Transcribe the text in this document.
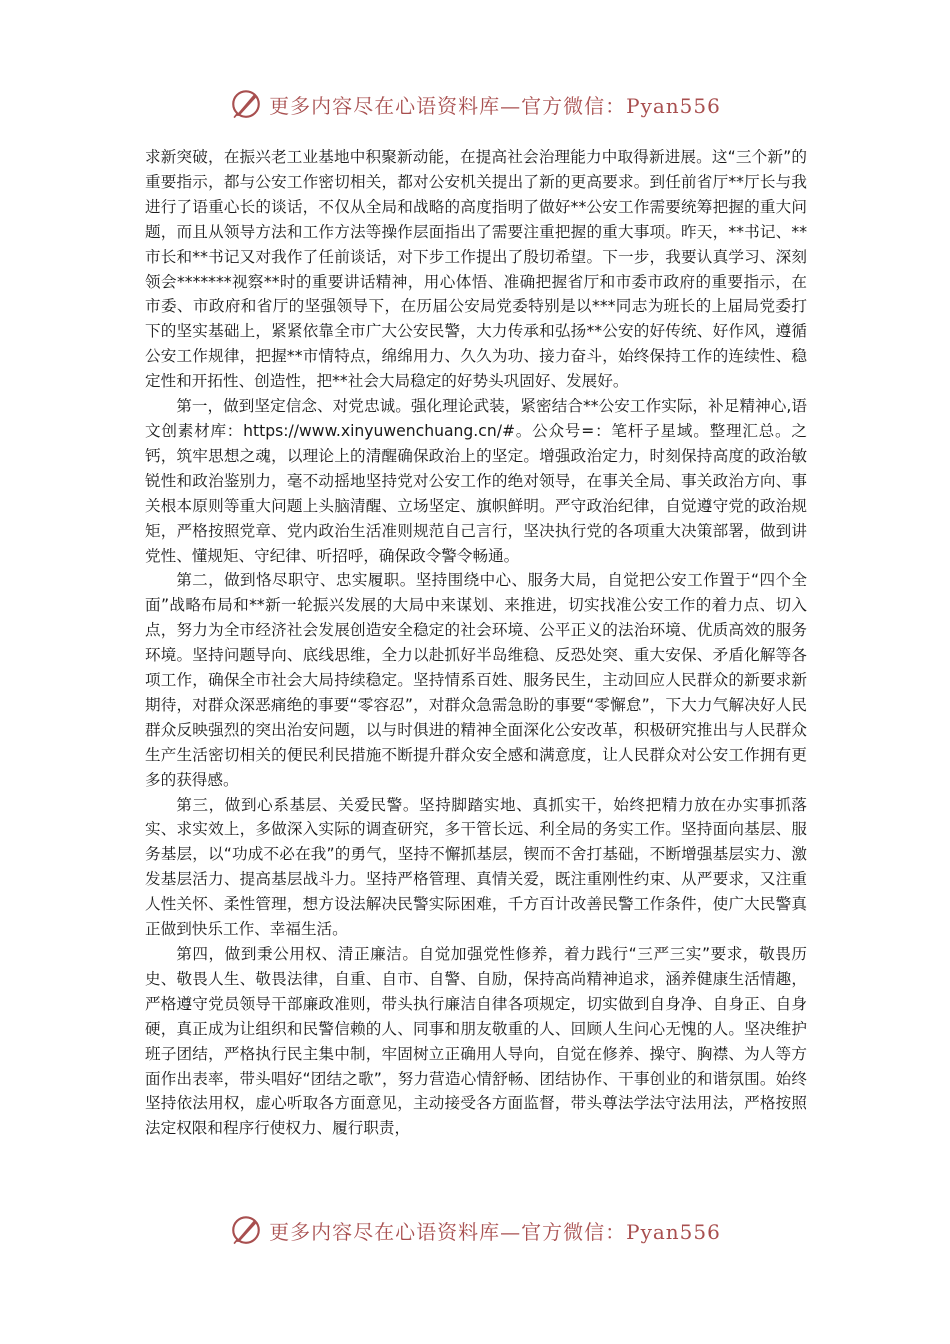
更多内容尽在心语资料库—官方微信：Pyan556

求新突破，在振兴老工业基地中积聚新动能，在提高社会治理能力中取得新进展。这“三个新”的重要指示，都与公安工作密切相关，都对公安机关提出了新的更高要求。到任前省厅**厅长与我进行了语重心长的谈话，不仅从全局和战略的高度指明了做好**公安工作需要统筹把握的重大问题，而且从领导方法和工作方法等操作层面指出了需要注重把握的重大事项。昨天，**书记、**市长和**书记又对我作了任前谈话，对下步工作提出了殷切希望。下一步，我要认真学习、深刻领会*******视察**时的重要讲话精神，用心体悟、准确把握省厅和市委市政府的重要指示，在市委、市政府和省厅的坚强领导下，在历届公安局党委特别是以***同志为班长的上届局党委打下的坚实基础上，紧紧依靠全市广大公安民警，大力传承和弘扬**公安的好传统、好作风，遵循公安工作规律，把握**市情特点，绵绵用力、久久为功、接力奋斗，始终保持工作的连续性、稳定性和开拓性、创造性，把**社会大局稳定的好势头巩固好、发展好。

第一，做到坚定信念、对党忠诚。强化理论武装，紧密结合**公安工作实际，补足精神心,语文创素材库：https://www.xinyuwenchuang.cn/#。公众号=：笔杆子星域。整理汇总。之钙，筑牢思想之魂，以理论上的清醒确保政治上的坚定。增强政治定力，时刻保持高度的政治敏锐性和政治鉴别力，毫不动摇地坚持党对公安工作的绝对领导，在事关全局、事关政治方向、事关根本原则等重大问题上头脑清醒、立场坚定、旗帜鲜明。严守政治纪律，自觉遵守党的政治规矩，严格按照党章、党内政治生活准则规范自己言行，坚决执行党的各项重大决策部署，做到讲党性、懂规矩、守纪律、听招呼，确保政令警令畅通。

第二，做到恪尽职守、忠实履职。坚持围绕中心、服务大局，自觉把公安工作置于“四个全面”战略布局和**新一轮振兴发展的大局中来谋划、来推进，切实找准公安工作的着力点、切入点，努力为全市经济社会发展创造安全稳定的社会环境、公平正义的法治环境、优质高效的服务环境。坚持问题导向、底线思维，全力以赴抓好半岛维稳、反恐处突、重大安保、矛盾化解等各项工作，确保全市社会大局持续稳定。坚持情系百姓、服务民生，主动回应人民群众的新要求新期待，对群众深恶痛绝的事要“零容忍”，对群众急需急盼的事要“零懈怠”，下大力气解决好人民群众反映强烈的突出治安问题，以与时俱进的精神全面深化公安改革，积极研究推出与人民群众生产生活密切相关的便民利民措施不断提升群众安全感和满意度，让人民群众对公安工作拥有更多的获得感。

第三，做到心系基层、关爱民警。坚持脚踏实地、真抓实干，始终把精力放在办实事抓落实、求实效上，多做深入实际的调查研究，多干管长远、利全局的务实工作。坚持面向基层、服务基层，以“功成不必在我”的勇气，坚持不懈抓基层，锲而不舍打基础，不断增强基层实力、激发基层活力、提高基层战斗力。坚持严格管理、真情关爱，既注重刚性约束、从严要求，又注重人性关怀、柔性管理，想方设法解决民警实际困难，千方百计改善民警工作条件，使广大民警真正做到快乐工作、幸福生活。

第四，做到秉公用权、清正廉洁。自觉加强党性修养，着力践行“三严三实”要求，敬畏历史、敬畏人生、敬畏法律，自重、自市、自警、自励，保持高尚精神追求，涵养健康生活情趣，严格遵守党员领导干部廉政准则，带头执行廉洁自律各项规定，切实做到自身净、自身正、自身硬，真正成为让组织和民警信赖的人、同事和朋友敬重的人、回顾人生问心无愧的人。坚决维护班子团结，严格执行民主集中制，牢固树立正确用人导向，自觉在修养、操守、胸襟、为人等方面作出表率，带头唱好“团结之歌”，努力营造心情舒畅、团结协作、干事创业的和谐氛围。始终坚持依法用权，虚心听取各方面意见，主动接受各方面监督，带头尊法学法守法用法，严格按照法定权限和程序行使权力、履行职责，

更多内容尽在心语资料库—官方微信：Pyan556
